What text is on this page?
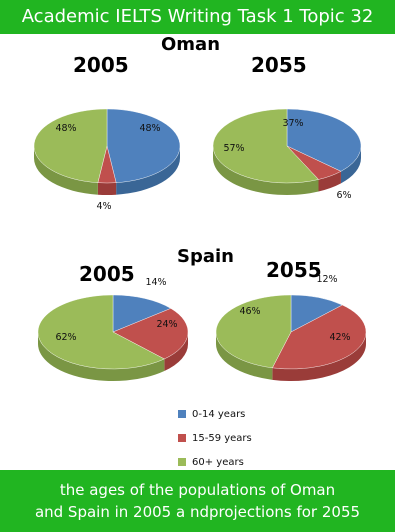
Academic IELTS Writing Task 1 Topic 32
Oman
2005	2055
Spain
2005	2055
48%
4%
48%	37%
6%
57%
14%
24%
62%
12%
42%
46%
0-14 years
15-59 years
60+ years
the ages of the populations of Oman
and Spain in 2005 a ndprojections for 2055
